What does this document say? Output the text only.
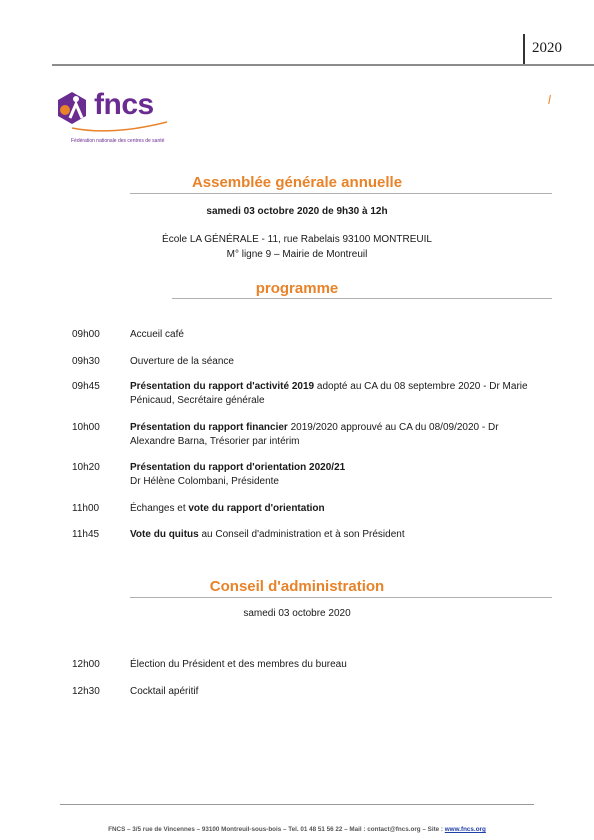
2020
fncs
Fédération nationale des centres de santé
l
Assemblée générale annuelle
samedi 03 octobre 2020 de 9h30 à 12h
École LA GÉNÉRALE - 11, rue Rabelais 93100 MONTREUIL
M° ligne 9 – Mairie de Montreuil
programme
09h00	Accueil café
09h30	Ouverture de la séance
09h45	Présentation du rapport d'activité 2019 adopté au CA du 08 septembre 2020 - Dr Marie Pénicaud, Secrétaire générale
10h00	Présentation du rapport financier 2019/2020 approuvé au CA du 08/09/2020 - Dr Alexandre Barna, Trésorier par intérim
10h20	Présentation du rapport d'orientation 2020/21
Dr Hélène Colombani, Présidente
11h00	Échanges et vote du rapport d'orientation
11h45	Vote du quitus au Conseil d'administration et à son Président
Conseil d'administration
samedi 03 octobre 2020
12h00	Élection du Président et des membres du bureau
12h30	Cocktail apéritif
FNCS – 3/5 rue de Vincennes – 93100 Montreuil-sous-bois – Tel. 01 48 51 56 22 – Mail : contact@fncs.org – Site : www.fncs.org
